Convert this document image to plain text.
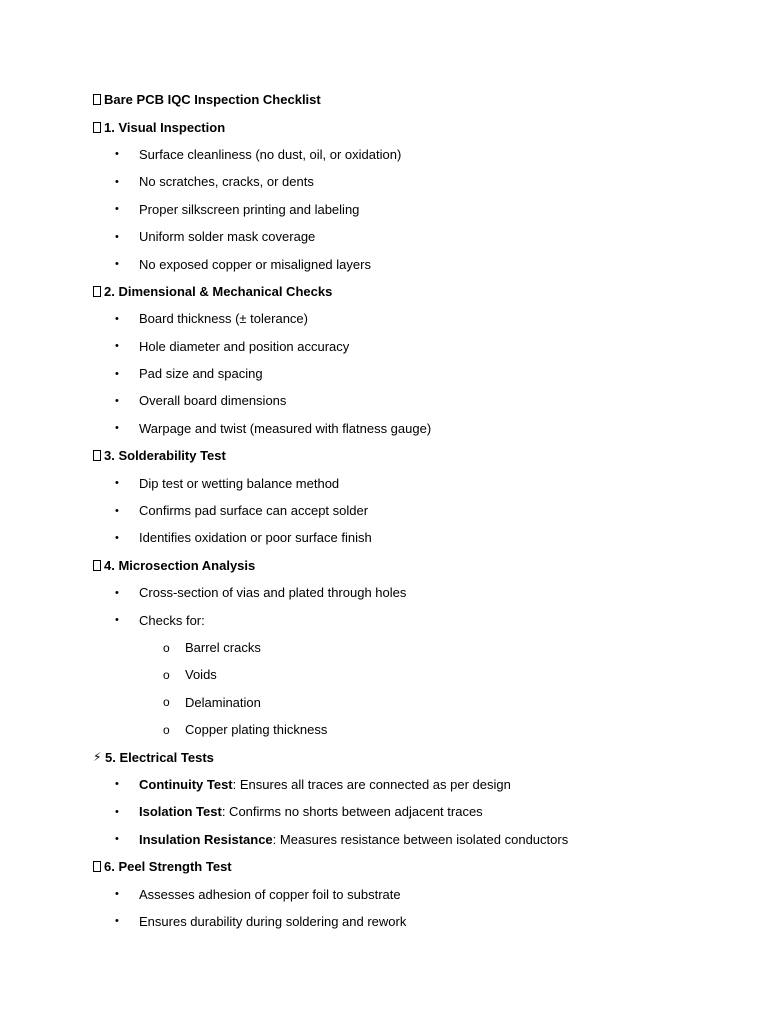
Bare PCB IQC Inspection Checklist
1. Visual Inspection
• Surface cleanliness (no dust, oil, or oxidation)
• No scratches, cracks, or dents
• Proper silkscreen printing and labeling
• Uniform solder mask coverage
• No exposed copper or misaligned layers
2. Dimensional & Mechanical Checks
• Board thickness (± tolerance)
• Hole diameter and position accuracy
• Pad size and spacing
• Overall board dimensions
• Warpage and twist (measured with flatness gauge)
3. Solderability Test
• Dip test or wetting balance method
• Confirms pad surface can accept solder
• Identifies oxidation or poor surface finish
4. Microsection Analysis
• Cross-section of vias and plated through holes
• Checks for:
o Barrel cracks
o Voids
o Delamination
o Copper plating thickness
⚡ 5. Electrical Tests
• Continuity Test : Ensures all traces are connected as per design
• Isolation Test : Confirms no shorts between adjacent traces
• Insulation Resistance : Measures resistance between isolated conductors
6. Peel Strength Test
• Assesses adhesion of copper foil to substrate
• Ensures durability during soldering and rework
